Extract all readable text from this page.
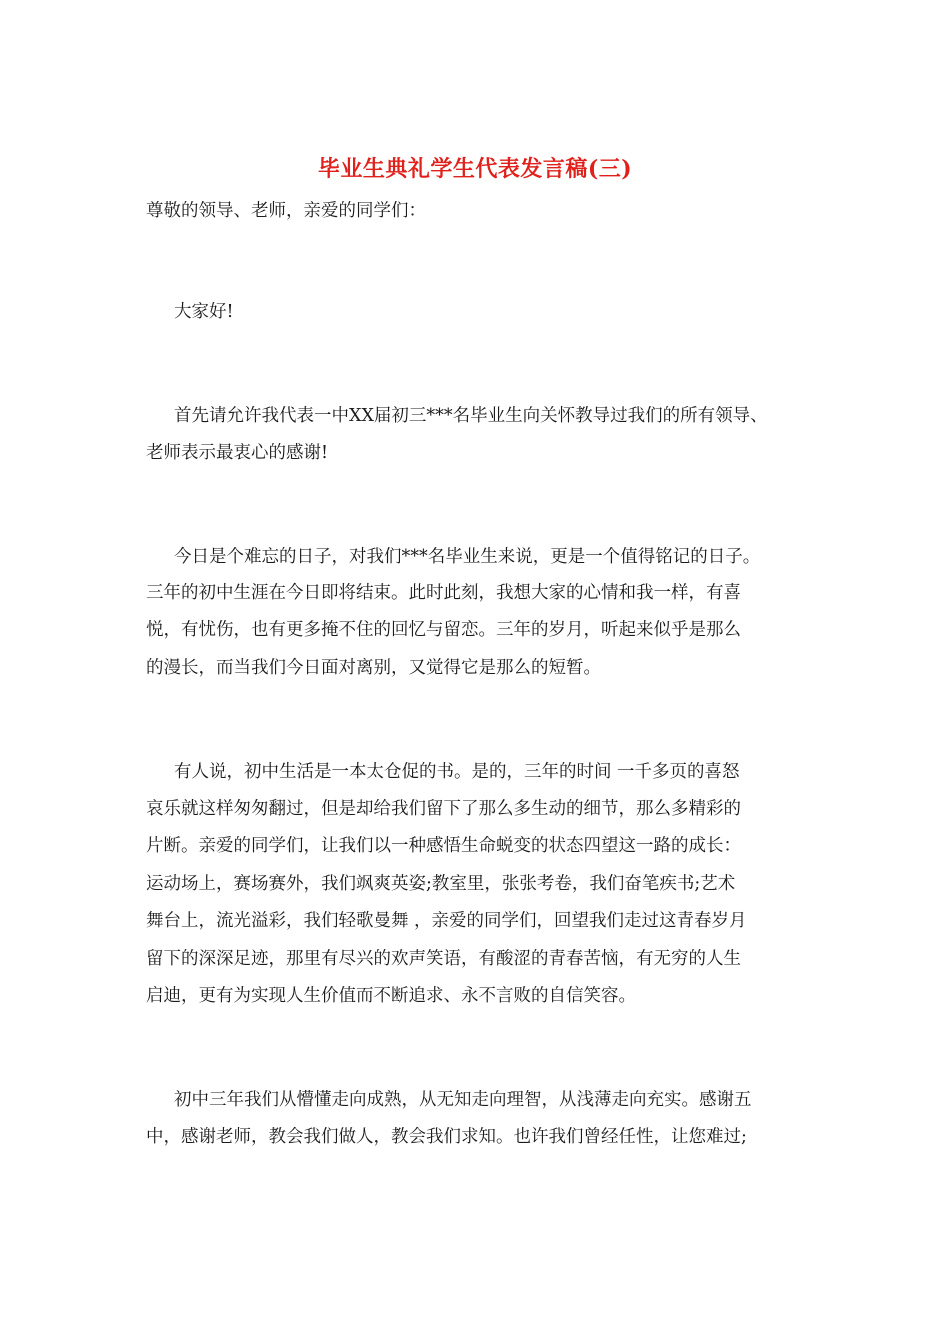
毕业生典礼学生代表发言稿(三)
尊敬的领导、老师，亲爱的同学们：
大家好!
首先请允许我代表一中XX届初三***名毕业生向关怀教导过我们的所有领导、
老师表示最衷心的感谢!
今日是个难忘的日子，对我们***名毕业生来说，更是一个值得铭记的日子。
三年的初中生涯在今日即将结束。此时此刻，我想大家的心情和我一样，有喜
悦，有忧伤，也有更多掩不住的回忆与留恋。三年的岁月，听起来似乎是那么
的漫长，而当我们今日面对离别，又觉得它是那么的短暂。
有人说，初中生活是一本太仓促的书。是的，三年的时间 一千多页的喜怒
哀乐就这样匆匆翻过，但是却给我们留下了那么多生动的细节，那么多精彩的
片断。亲爱的同学们，让我们以一种感悟生命蜕变的状态四望这一路的成长：
运动场上，赛场赛外，我们飒爽英姿;教室里，张张考卷，我们奋笔疾书;艺术
舞台上，流光溢彩，我们轻歌曼舞 ，亲爱的同学们，回望我们走过这青春岁月
留下的深深足迹，那里有尽兴的欢声笑语，有酸涩的青春苦恼，有无穷的人生
启迪，更有为实现人生价值而不断追求、永不言败的自信笑容。
初中三年我们从懵懂走向成熟，从无知走向理智，从浅薄走向充实。感谢五
中，感谢老师，教会我们做人，教会我们求知。也许我们曾经任性，让您难过;
